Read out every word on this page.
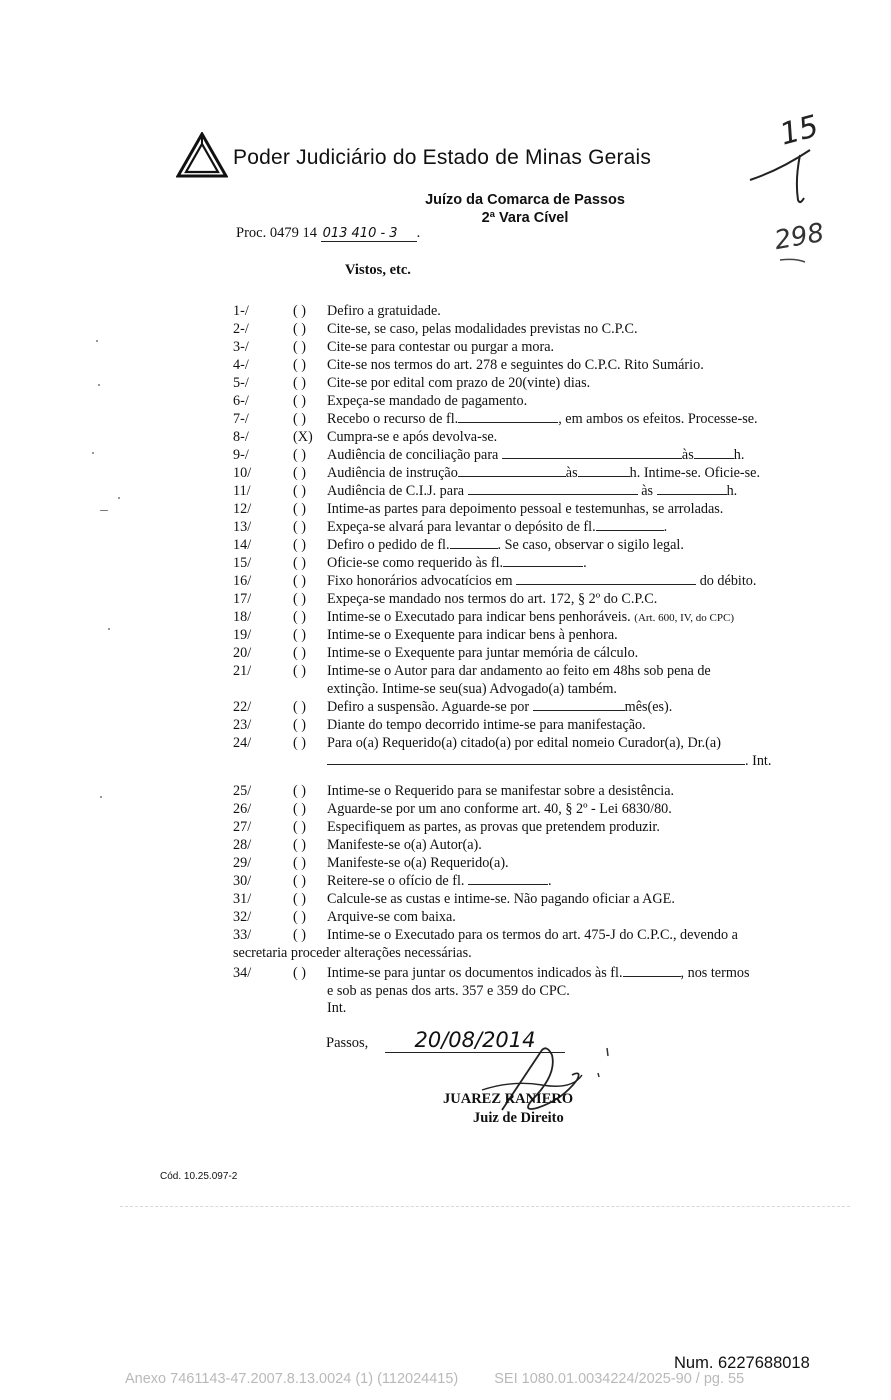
Poder Judiciário do Estado de Minas Gerais
Juízo da Comarca de Passos
2ª Vara Cível
Proc. 0479 14 013 410 - 3 .
Vistos, etc.
15
298
1-/	( )	Defiro a gratuidade.
2-/	( )	Cite-se, se caso, pelas modalidades previstas no C.P.C.
3-/	( )	Cite-se para contestar ou purgar a mora.
4-/	( )	Cite-se nos termos do art. 278 e seguintes do C.P.C. Rito Sumário.
5-/	( )	Cite-se por edital com prazo de 20(vinte) dias.
6-/	( )	Expeça-se mandado de pagamento.
7-/	( )	Recebo o recurso de fl.	, em ambos os efeitos. Processe-se.
8-/	(X)	Cumpra-se e após devolva-se.
9-/	( )	Audiência de conciliação para	às	h.
10/	( )	Audiência de instrução	às	h. Intime-se. Oficie-se.
11/	( )	Audiência de C.I.J. para	às	h.
12/	( )	Intime-as partes para depoimento pessoal e testemunhas, se arroladas.
13/	( )	Expeça-se alvará para levantar o depósito de fl.	.
14/	( )	Defiro o pedido de fl.	. Se caso, observar o sigilo legal.
15/	( )	Oficie-se como requerido às fl.	.
16/	( )	Fixo honorários advocatícios em	do débito.
17/	( )	Expeça-se mandado nos termos do art. 172, § 2º do C.P.C.
18/	( )	Intime-se o Executado para indicar bens penhoráveis. (Art. 600, IV, do CPC)
19/	( )	Intime-se o Exequente para indicar bens à penhora.
20/	( )	Intime-se o Exequente para juntar memória de cálculo.
21/	( )	Intime-se o Autor para dar andamento ao feito em 48hs sob pena de
extinção. Intime-se seu(sua) Advogado(a) também.
22/	( )	Defiro a suspensão. Aguarde-se por	mês(es).
23/	( )	Diante do tempo decorrido intime-se para manifestação.
24/	( )	Para o(a) Requerido(a) citado(a) por edital nomeio Curador(a), Dr.(a)
. Int.
25/	( )	Intime-se o Requerido para se manifestar sobre a desistência.
26/	( )	Aguarde-se por um ano conforme art. 40, § 2º - Lei 6830/80.
27/	( )	Especifiquem as partes, as provas que pretendem produzir.
28/	( )	Manifeste-se o(a) Autor(a).
29/	( )	Manifeste-se o(a) Requerido(a).
30/	( )	Reitere-se o ofício de fl.	.
31/	( )	Calcule-se as custas e intime-se. Não pagando oficiar a AGE.
32/	( )	Arquive-se com baixa.
33/	( )	Intime-se o Executado para os termos do art. 475-J do C.P.C., devendo a
secretaria proceder alterações necessárias.
34/	( )	Intime-se para juntar os documentos indicados às fl.	, nos termos
e sob as penas dos arts. 357 e 359 do CPC.
Int.
Passos,	20/08/2014
JUAREZ RANIERO
Juiz de Direito
Cód. 10.25.097-2
Num. 6227688018
Anexo 7461143-47.2007.8.13.0024 (1) (112024415) SEI 1080.01.0034224/2025-90 / pg. 55
